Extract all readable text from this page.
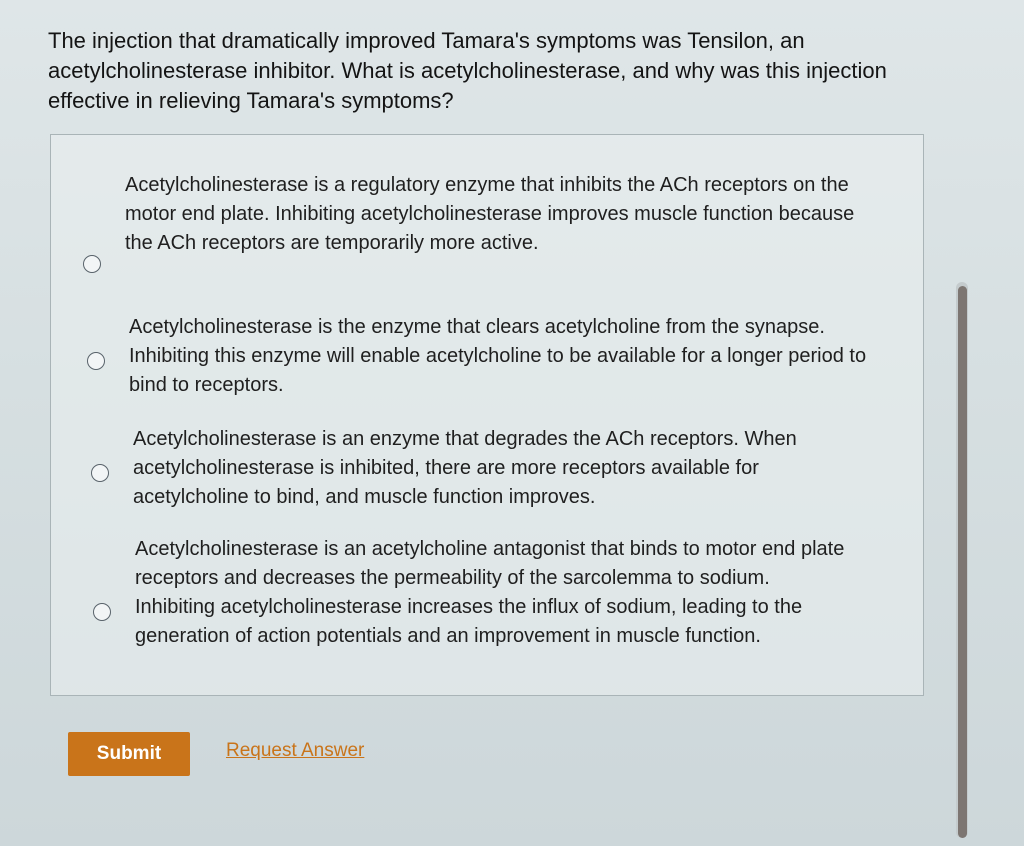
The injection that dramatically improved Tamara's symptoms was Tensilon, an acetylcholinesterase inhibitor. What is acetylcholinesterase, and why was this injection effective in relieving Tamara's symptoms?
Acetylcholinesterase is a regulatory enzyme that inhibits the ACh receptors on the motor end plate. Inhibiting acetylcholinesterase improves muscle function because the ACh receptors are temporarily more active.
Acetylcholinesterase is the enzyme that clears acetylcholine from the synapse. Inhibiting this enzyme will enable acetylcholine to be available for a longer period to bind to receptors.
Acetylcholinesterase is an enzyme that degrades the ACh receptors. When acetylcholinesterase is inhibited, there are more receptors available for acetylcholine to bind, and muscle function improves.
Acetylcholinesterase is an acetylcholine antagonist that binds to motor end plate receptors and decreases the permeability of the sarcolemma to sodium. Inhibiting acetylcholinesterase increases the influx of sodium, leading to the generation of action potentials and an improvement in muscle function.
Submit	Request Answer
